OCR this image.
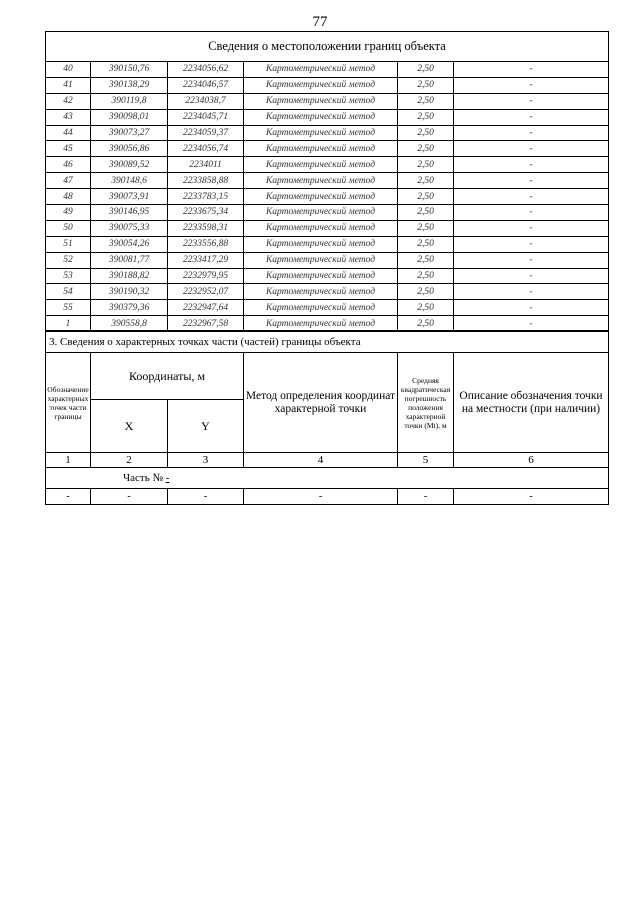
77
Сведения о местоположении границ объекта					
40	390150,76	2234056,62	Картометрический метод	2,50	-
41	390138,29	2234046,57	Картометрический метод	2,50	-
42	390119,8	2234038,7	Картометрический метод	2,50	-
43	390098,01	2234045,71	Картометрический метод	2,50	-
44	390073,27	2234059,37	Картометрический метод	2,50	-
45	390056,86	2234056,74	Картометрический метод	2,50	-
46	390089,52	2234011	Картометрический метод	2,50	-
47	390148,6	2233858,88	Картометрический метод	2,50	-
48	390073,91	2233783,15	Картометрический метод	2,50	-
49	390146,95	2233675,34	Картометрический метод	2,50	-
50	390075,33	2233598,31	Картометрический метод	2,50	-
51	390054,26	2233556,88	Картометрический метод	2,50	-
52	390081,77	2233417,29	Картометрический метод	2,50	-
53	390188,82	2232979,95	Картометрический метод	2,50	-
54	390190,32	2232952,07	Картометрический метод	2,50	-
55	390379,36	2232947,64	Картометрический метод	2,50	-
1	390558,8	2232967,58	Картометрический метод	2,50	-
3. Сведения о характерных точках части (частей) границы объекта					
Обозначение характерных точек части границы	Координаты, м		Метод определения координат характерной точки	Средняя квадратическая погрешность положения характерной точки (Mt), м	Описание обозначения точки на местности (при наличии)
	X	Y			
1	2	3	4	5	6
Часть № -					
-	-	-	-	-	-
